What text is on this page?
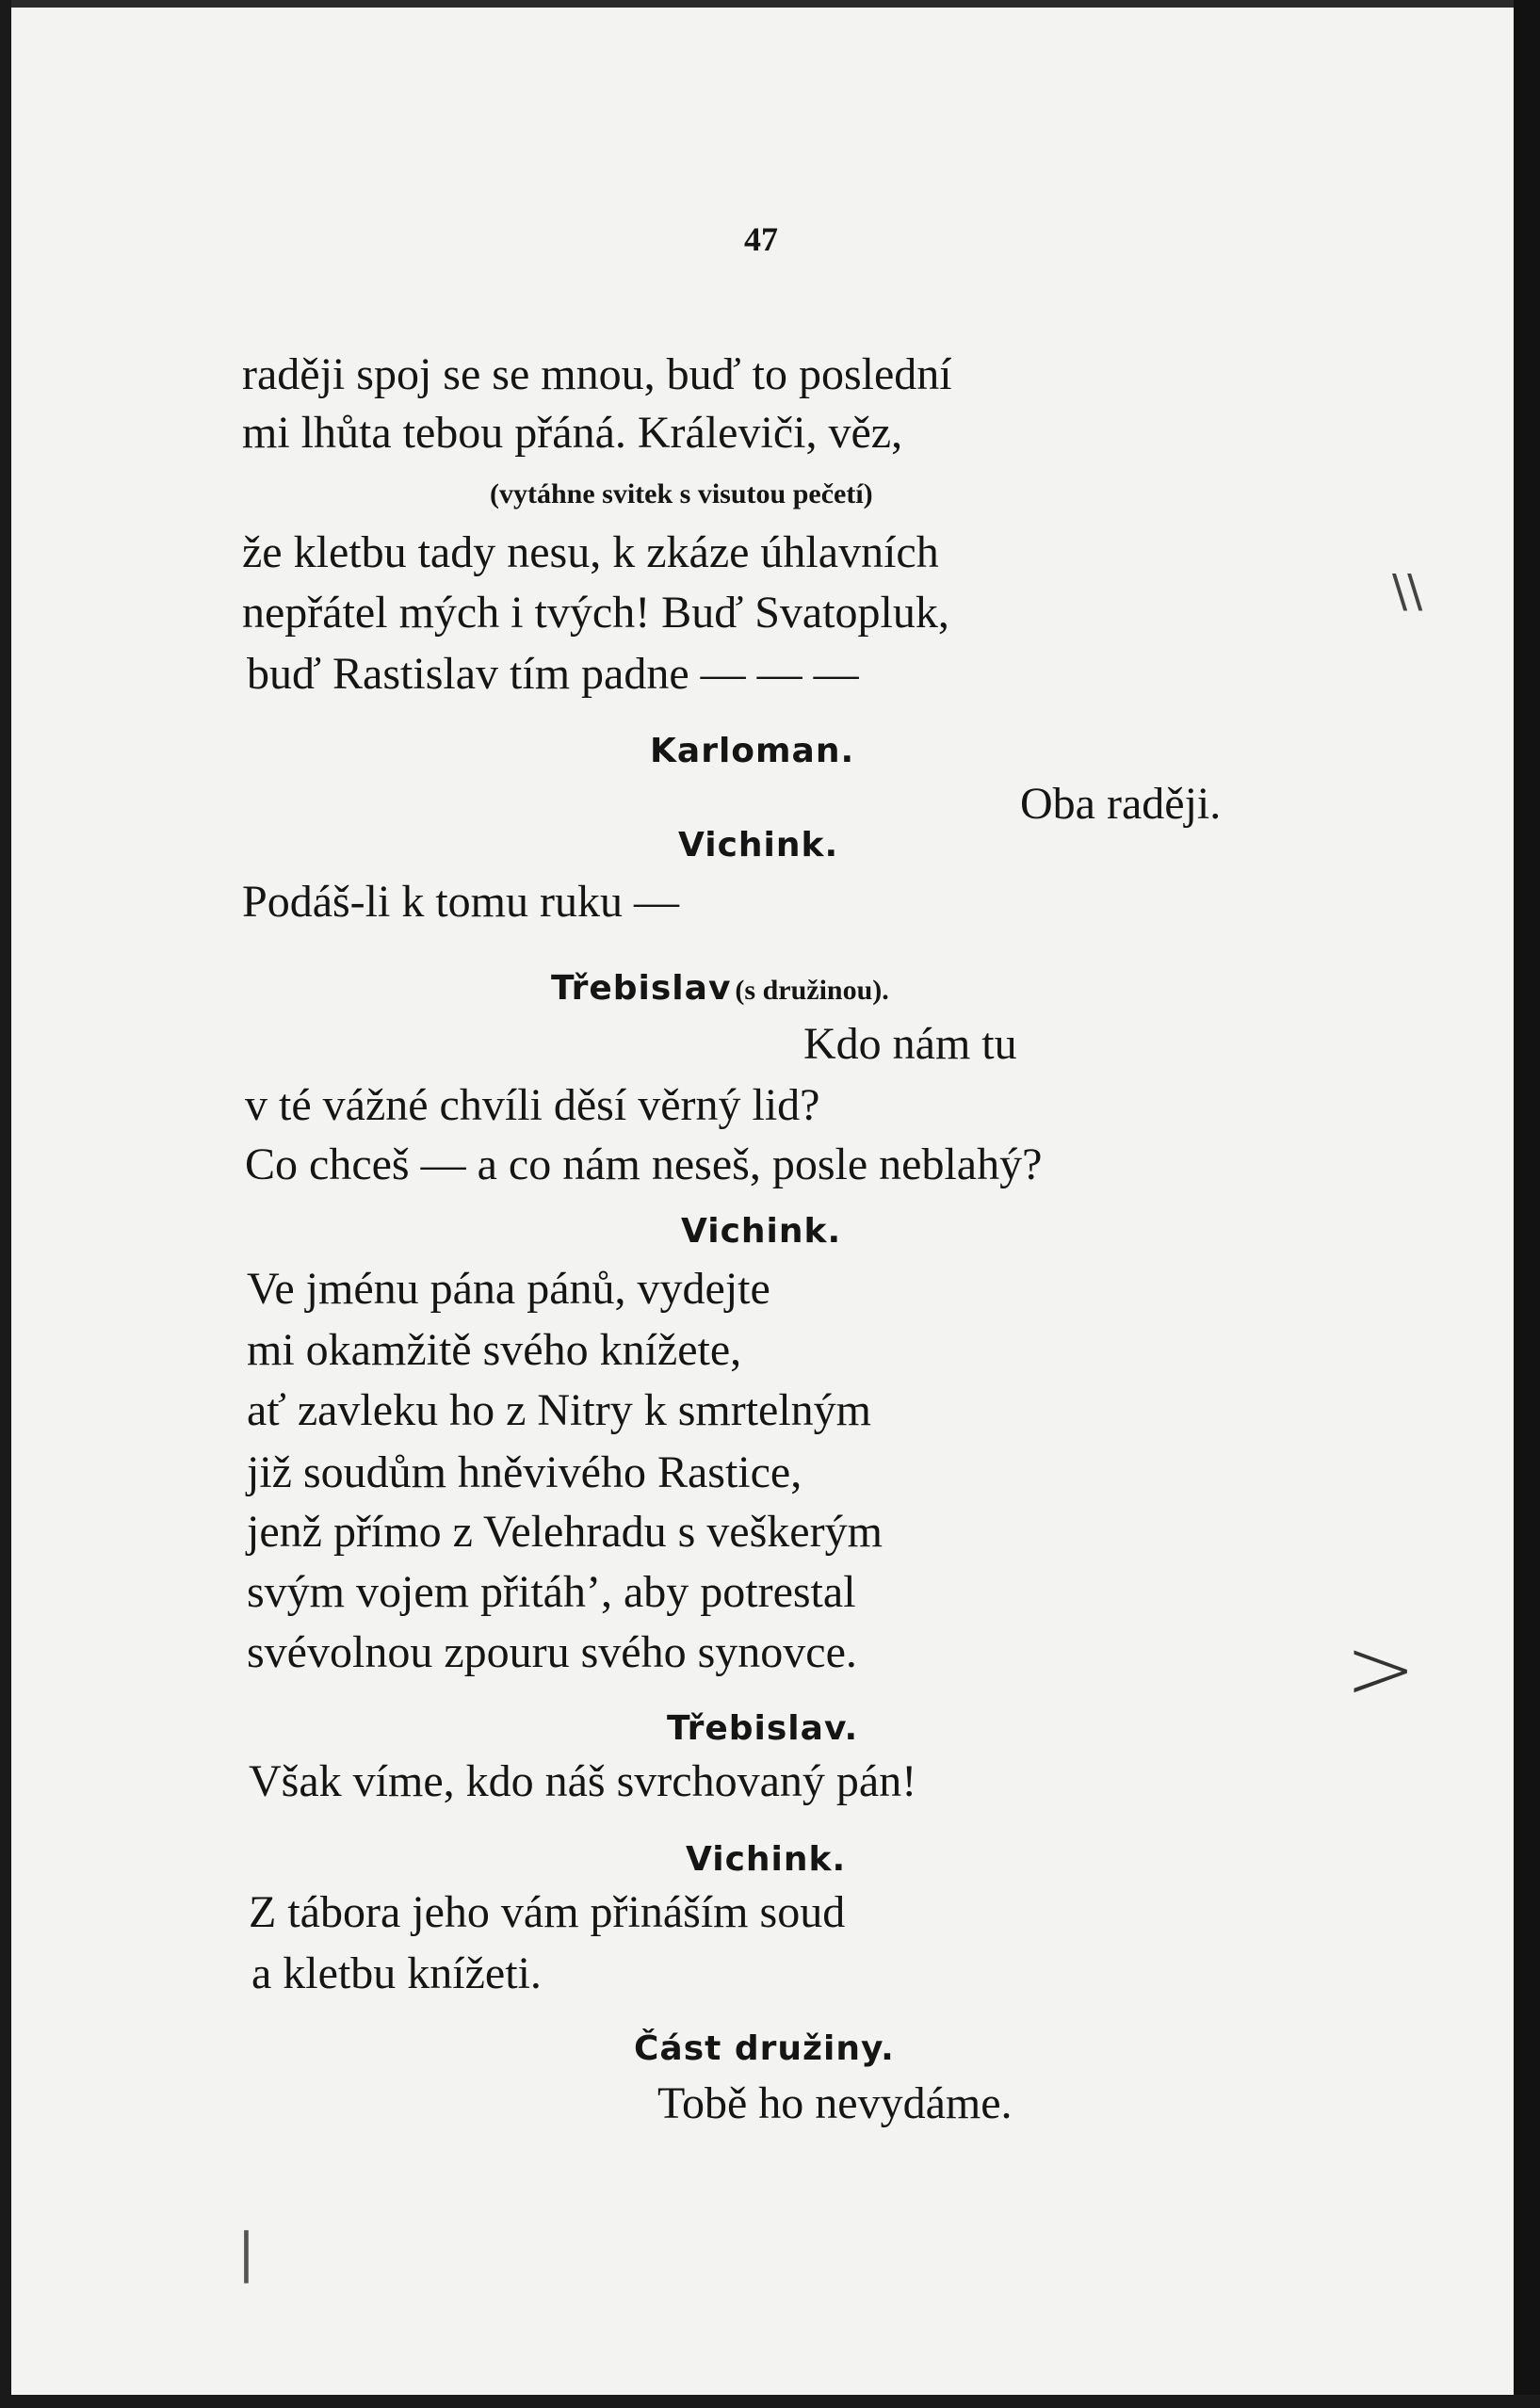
47
raději spoj se se mnou, buď to poslední
mi lhůta tebou přáná. Králeviči, věz,
(vytáhne svitek s visutou pečetí)
že kletbu tady nesu, k zkáze úhlavních
nepřátel mých i tvých! Buď Svatopluk,
buď Rastislav tím padne — — —
Karloman.
Oba raději.
Vichink.
Podáš-li k tomu ruku —
Třebislav (s družinou).
Kdo nám tu
v té vážné chvíli děsí věrný lid?
Co chceš — a co nám neseš, posle neblahý?
Vichink.
Ve jménu pána pánů, vydejte
mi okamžitě svého knížete,
ať zavleku ho z Nitry k smrtelným
již soudům hněvivého Rastice,
jenž přímo z Velehradu s veškerým
svým vojem přitáh’, aby potrestal
svévolnou zpouru svého synovce.
Třebislav.
Však víme, kdo náš svrchovaný pán!
Vichink.
Z tábora jeho vám přináším soud
a kletbu knížeti.
Část družiny.
Tobě ho nevydáme.
\\
>
|
